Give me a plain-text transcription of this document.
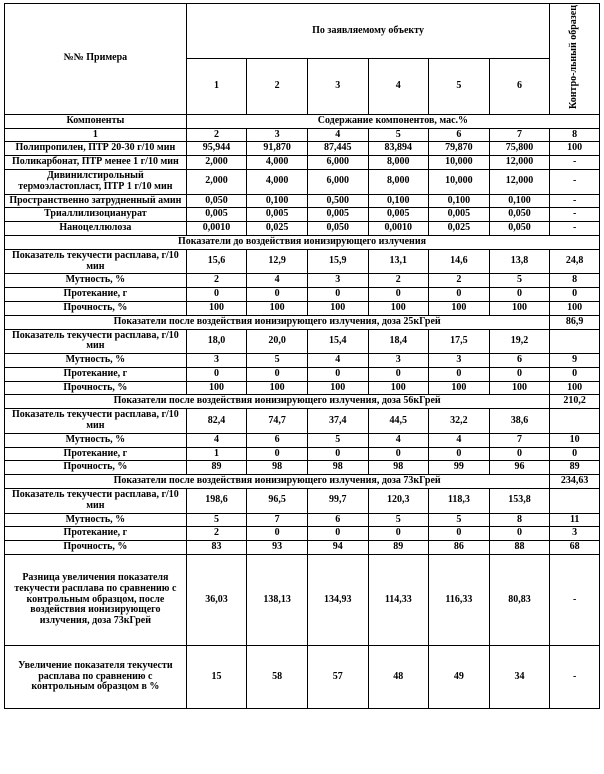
№№ Примера	По заявляемому объекту						Контро-льный образец
	1	2	3	4	5	6	
Компоненты	Содержание компонентов, мас.%						
1	2	3	4	5	6	7	8
Полипропилен, ПТР 20-30 г/10 мин	95,944	91,870	87,445	83,894	79,870	75,800	100
Поликарбонат, ПТР менее 1 г/10 мин	2,000	4,000	6,000	8,000	10,000	12,000	-
Дивинилстирольный термоэластопласт, ПТР 1 г/10 мин	2,000	4,000	6,000	8,000	10,000	12,000	-
Пространственно затрудненный амин	0,050	0,100	0,500	0,100	0,100	0,100	-
Триаллилизоцианурат	0,005	0,005	0,005	0,005	0,005	0,050	-
Наноцеллюлоза	0,0010	0,025	0,050	0,0010	0,025	0,050	-
Показатели до воздействия ионизирующего излучения							
Показатель текучести расплава, г/10 мин	15,6	12,9	15,9	13,1	14,6	13,8	24,8
Мутность, %	2	4	3	2	2	5	8
Протекание, г	0	0	0	0	0	0	0
Прочность, %	100	100	100	100	100	100	100
Показатели после воздействия ионизирующего излучения, доза 25кГрей							86,9
Показатель текучести расплава, г/10 мин	18,0	20,0	15,4	18,4	17,5	19,2	
Мутность, %	3	5	4	3	3	6	9
Протекание, г	0	0	0	0	0	0	0
Прочность, %	100	100	100	100	100	100	100
Показатели после воздействия ионизирующего излучения, доза 56кГрей							210,2
Показатель текучести расплава, г/10 мин	82,4	74,7	37,4	44,5	32,2	38,6	
Мутность, %	4	6	5	4	4	7	10
Протекание, г	1	0	0	0	0	0	0
Прочность, %	89	98	98	98	99	96	89
Показатели после воздействия ионизирующего излучения, доза 73кГрей							234,63
Показатель текучести расплава, г/10 мин	198,6	96,5	99,7	120,3	118,3	153,8	
Мутность, %	5	7	6	5	5	8	11
Протекание, г	2	0	0	0	0	0	3
Прочность, %	83	93	94	89	86	88	68
Разница увеличения показателя текучести расплава по сравнению с контрольным образцом, после воздействия ионизирующего излучения, доза 73кГрей	36,03	138,13	134,93	114,33	116,33	80,83	-
Увеличение показателя текучести расплава по сравнению с контрольным образцом в %	15	58	57	48	49	34	-
